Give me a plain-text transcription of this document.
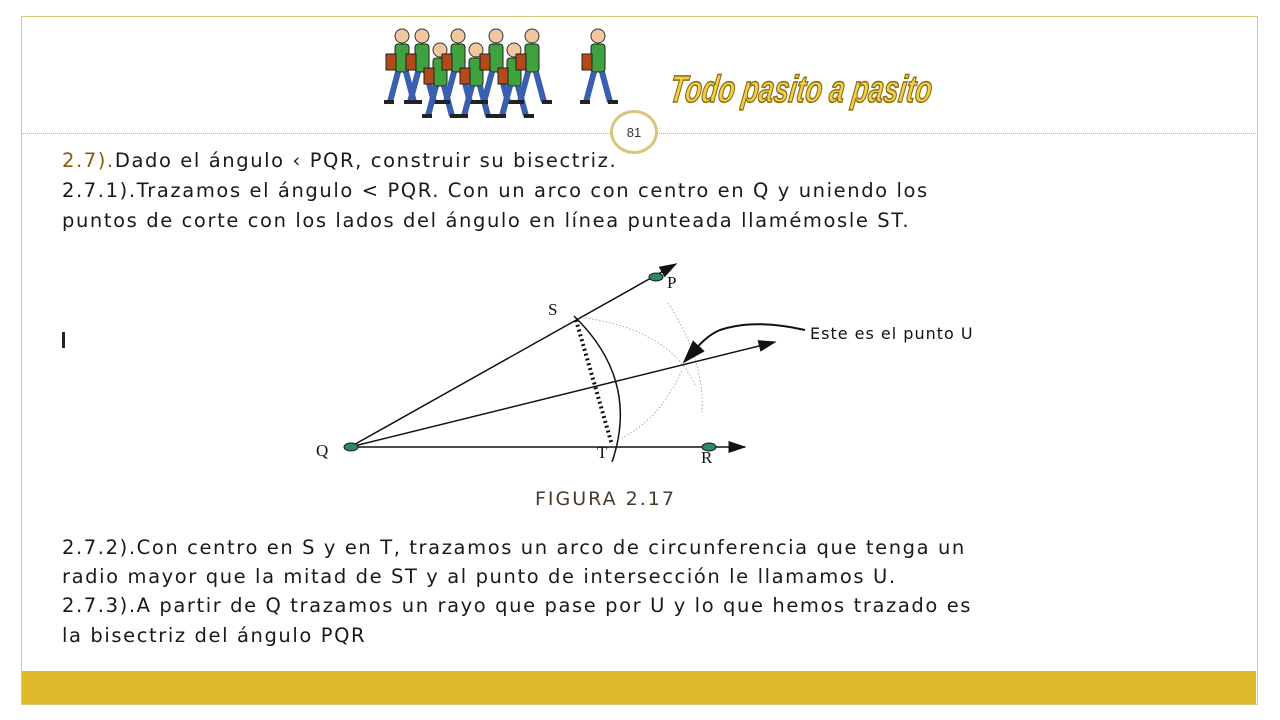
Todo pasito a pasito
81

2.7).Dado el ángulo ‹ PQR, construir su bisectriz.

2.7.1).Trazamos el ángulo < PQR. Con un arco con centro en Q y uniendo los

puntos de corte con los lados del ángulo en línea punteada llamémosle ST.

P
S
Q	T	R
Este es el punto U

FIGURA 2.17

2.7.2).Con centro en S y en T, trazamos un arco de circunferencia que tenga un

radio mayor que la mitad de ST y al punto de intersección le llamamos U.

2.7.3).A partir de Q trazamos un rayo que pase por U y lo que hemos trazado es

la bisectriz del ángulo PQR
